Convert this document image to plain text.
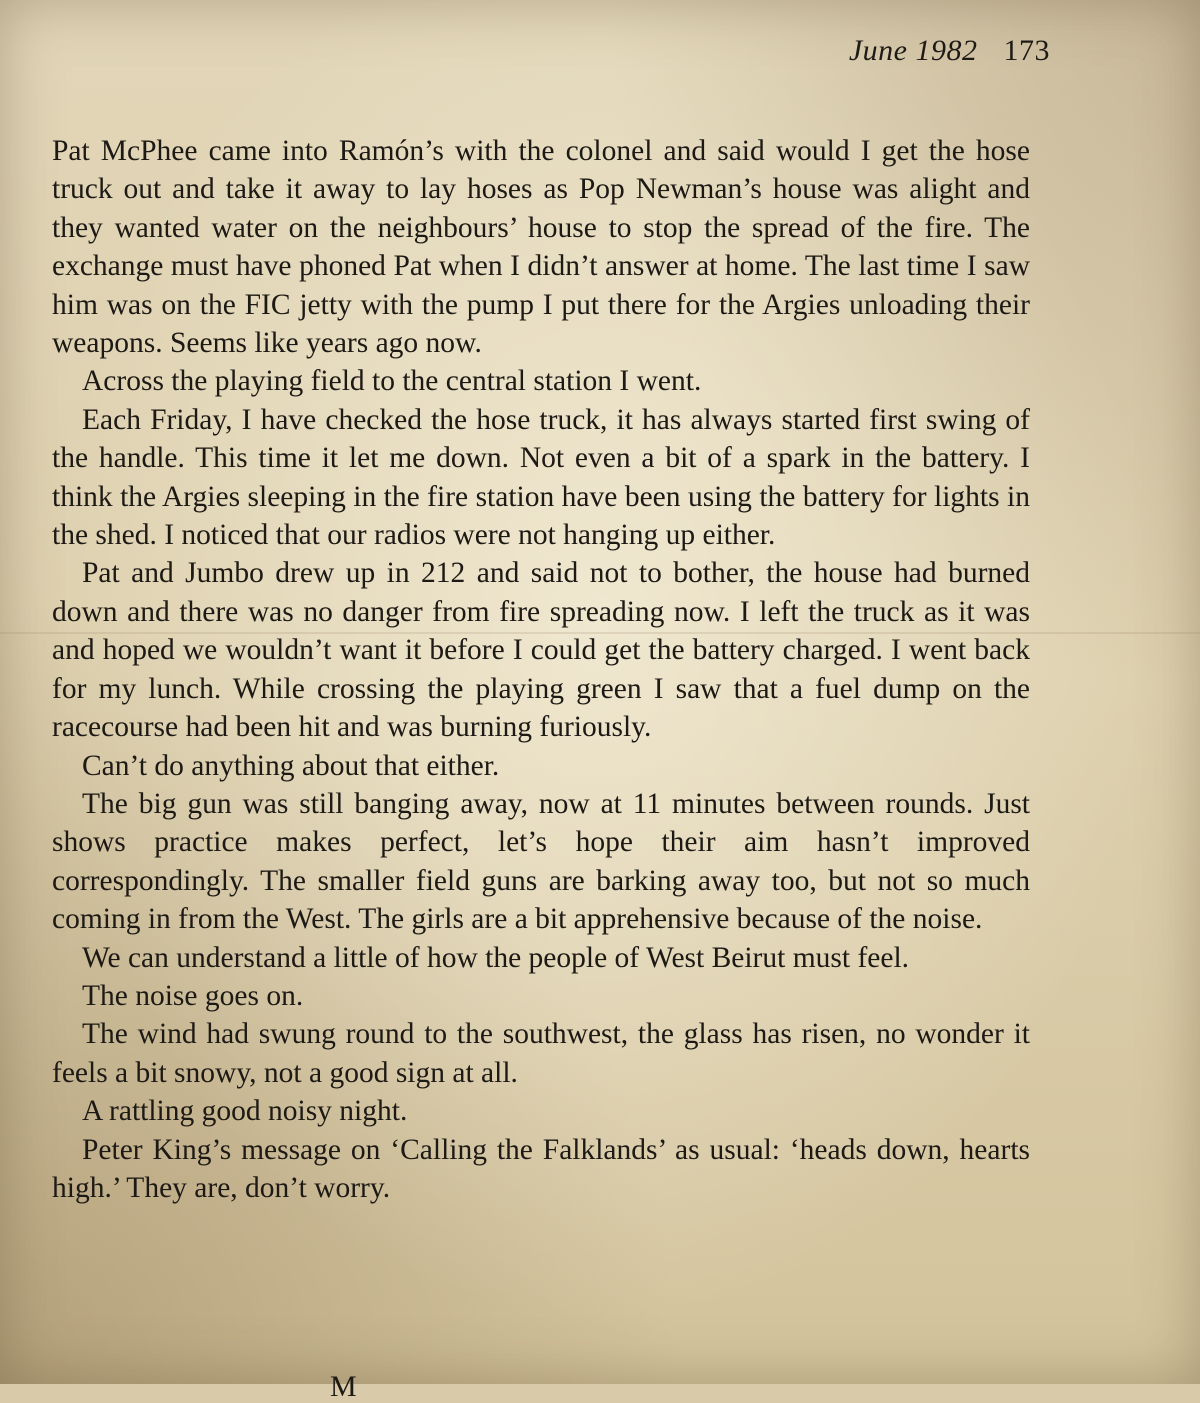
June 1982 173

Pat McPhee came into Ramón’s with the colonel and said would I get the hose truck out and take it away to lay hoses as Pop Newman’s house was alight and they wanted water on the neighbours’ house to stop the spread of the fire. The exchange must have phoned Pat when I didn’t answer at home. The last time I saw him was on the FIC jetty with the pump I put there for the Argies unloading their weapons. Seems like years ago now.

Across the playing field to the central station I went.

Each Friday, I have checked the hose truck, it has always started first swing of the handle. This time it let me down. Not even a bit of a spark in the battery. I think the Argies sleeping in the fire station have been using the battery for lights in the shed. I noticed that our radios were not hanging up either.

Pat and Jumbo drew up in 212 and said not to bother, the house had burned down and there was no danger from fire spreading now. I left the truck as it was and hoped we wouldn’t want it before I could get the battery charged. I went back for my lunch. While crossing the playing green I saw that a fuel dump on the racecourse had been hit and was burning furiously.

Can’t do anything about that either.

The big gun was still banging away, now at 11 minutes between rounds. Just shows practice makes perfect, let’s hope their aim hasn’t improved correspondingly. The smaller field guns are barking away too, but not so much coming in from the West. The girls are a bit apprehensive because of the noise.

We can understand a little of how the people of West Beirut must feel.

The noise goes on.

The wind had swung round to the southwest, the glass has risen, no wonder it feels a bit snowy, not a good sign at all.

A rattling good noisy night.

Peter King’s message on ‘Calling the Falklands’ as usual: ‘heads down, hearts high.’ They are, don’t worry.

M
